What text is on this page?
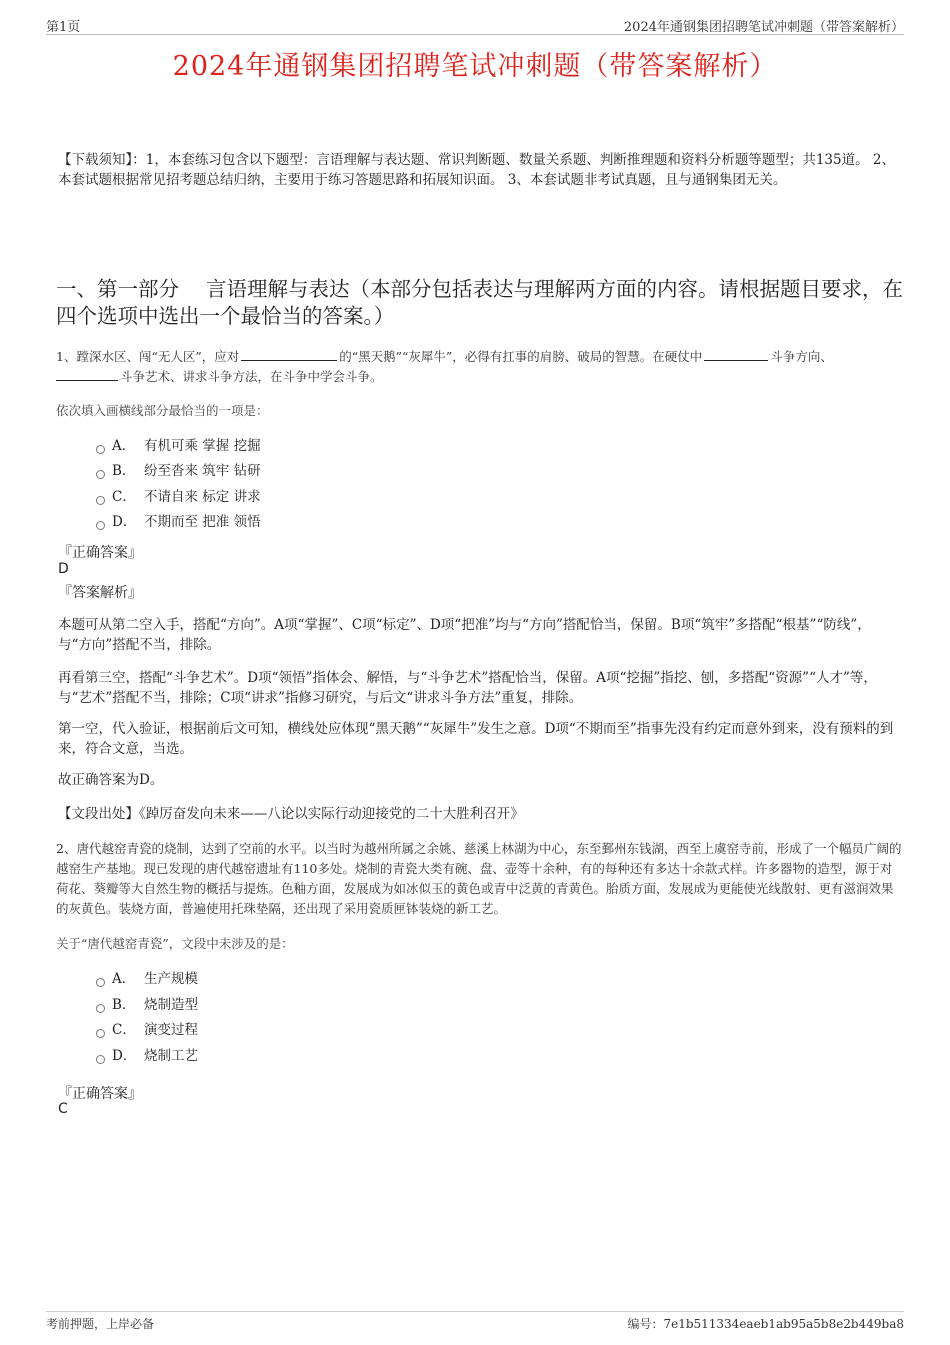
第1页	2024年通钢集团招聘笔试冲刺题（带答案解析）
2024年通钢集团招聘笔试冲刺题（带答案解析）
【下载须知】：1，本套练习包含以下题型：言语理解与表达题、常识判断题、数量关系题、判断推理题和资料分析题等题型；共135道。 2、本套试题根据常见招考题总结归纳，主要用于练习答题思路和拓展知识面。 3、本套试题非考试真题，且与通钢集团无关。
一、第一部分　 言语理解与表达（本部分包括表达与理解两方面的内容。请根据题目要求，在四个选项中选出一个最恰当的答案。）
1、蹚深水区、闯“无人区”，应对	的“黑天鹅”“灰犀牛”，必得有扛事的肩膀、破局的智慧。在硬仗中	斗争方向、
斗争艺术、讲求斗争方法，在斗争中学会斗争。
依次填入画横线部分最恰当的一项是：
A． 有机可乘 掌握 挖掘
B． 纷至沓来 筑牢 钻研
C． 不请自来 标定 讲求
D． 不期而至 把准 领悟
『正确答案』
D
『答案解析』
本题可从第二空入手，搭配“方向”。A项“掌握”、C项“标定”、D项“把准”均与“方向”搭配恰当，保留。B项“筑牢”多搭配“根基”“防线”，与“方向”搭配不当，排除。
再看第三空，搭配“斗争艺术”。D项“领悟”指体会、解悟，与“斗争艺术”搭配恰当，保留。A项“挖掘”指挖、刨，多搭配“资源”“人才”等，与“艺术”搭配不当，排除；C项“讲求”指修习研究，与后文“讲求斗争方法”重复，排除。
第一空，代入验证，根据前后文可知，横线处应体现“黑天鹅”“灰犀牛”发生之意。D项“不期而至”指事先没有约定而意外到来，没有预料的到来，符合文意，当选。
故正确答案为D。
【文段出处】《踔厉奋发向未来——八论以实际行动迎接党的二十大胜利召开》
2、唐代越窑青瓷的烧制，达到了空前的水平。以当时为越州所属之余姚、慈溪上林湖为中心，东至鄞州东钱湖，西至上虞窑寺前，形成了一个幅员广阔的越窑生产基地。现已发现的唐代越窑遗址有110多处。烧制的青瓷大类有碗、盘、壶等十余种，有的每种还有多达十余款式样。许多器物的造型，源于对荷花、葵瓣等大自然生物的概括与提炼。色釉方面，发展成为如冰似玉的黄色或青中泛黄的青黄色。胎质方面，发展成为更能使光线散射、更有滋润效果的灰黄色。装烧方面，普遍使用托珠垫隔，还出现了采用瓷质匣钵装烧的新工艺。
关于“唐代越窑青瓷”，文段中未涉及的是：
A． 生产规模
B． 烧制造型
C． 演变过程
D． 烧制工艺
『正确答案』
C
考前押题，上岸必备	编号：7e1b511334eaeb1ab95a5b8e2b449ba8
